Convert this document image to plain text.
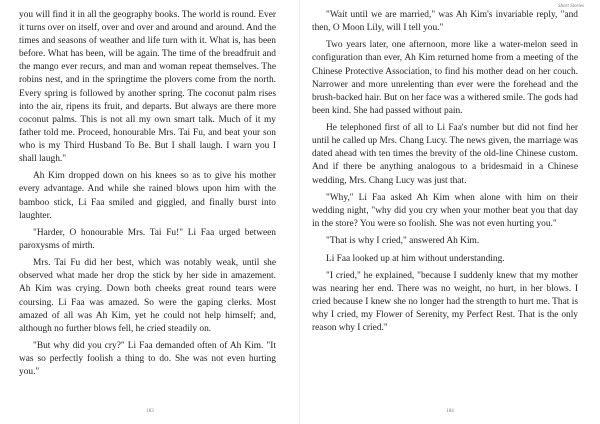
you will find it in all the geography books. The world is round. Ever it turns over on itself, over and over and around and around. And the times and seasons of weather and life turn with it. What is, has been before. What has been, will be again. The time of the breadfruit and the mango ever recurs, and man and woman repeat themselves. The robins nest, and in the springtime the plovers come from the north. Every spring is followed by another spring. The coconut palm rises into the air, ripens its fruit, and departs. But always are there more coconut palms. This is not all my own smart talk. Much of it my father told me. Proceed, honourable Mrs. Tai Fu, and beat your son who is my Third Husband To Be. But I shall laugh. I warn you I shall laugh."

Ah Kim dropped down on his knees so as to give his mother every advantage. And while she rained blows upon him with the bamboo stick, Li Faa smiled and giggled, and finally burst into laughter.

"Harder, O honourable Mrs. Tai Fu!" Li Faa urged between paroxysms of mirth.

Mrs. Tai Fu did her best, which was notably weak, until she observed what made her drop the stick by her side in amazement. Ah Kim was crying. Down both cheeks great round tears were coursing. Li Faa was amazed. So were the gaping clerks. Most amazed of all was Ah Kim, yet he could not help himself; and, although no further blows fell, he cried steadily on.

"But why did you cry?" Li Faa demanded often of Ah Kim. "It was so perfectly foolish a thing to do. She was not even hurting you."

183
Short Stories

"Wait until we are married," was Ah Kim's invariable reply, "and then, O Moon Lily, will I tell you."

Two years later, one afternoon, more like a water-melon seed in configuration than ever, Ah Kim returned home from a meeting of the Chinese Protective Association, to find his mother dead on her couch. Narrower and more unrelenting than ever were the forehead and the brush-backed hair. But on her face was a withered smile. The gods had been kind. She had passed without pain.

He telephoned first of all to Li Faa's number but did not find her until he called up Mrs. Chang Lucy. The news given, the marriage was dated ahead with ten times the brevity of the old-line Chinese custom. And if there be anything analogous to a bridesmaid in a Chinese wedding, Mrs. Chang Lucy was just that.

"Why," Li Faa asked Ah Kim when alone with him on their wedding night, "why did you cry when your mother beat you that day in the store? You were so foolish. She was not even hurting you."

"That is why I cried," answered Ah Kim.

Li Faa looked up at him without understanding.

"I cried," he explained, "because I suddenly knew that my mother was nearing her end. There was no weight, no hurt, in her blows. I cried because I knew she no longer had the strength to hurt me. That is why I cried, my Flower of Serenity, my Perfect Rest. That is the only reason why I cried."

184
